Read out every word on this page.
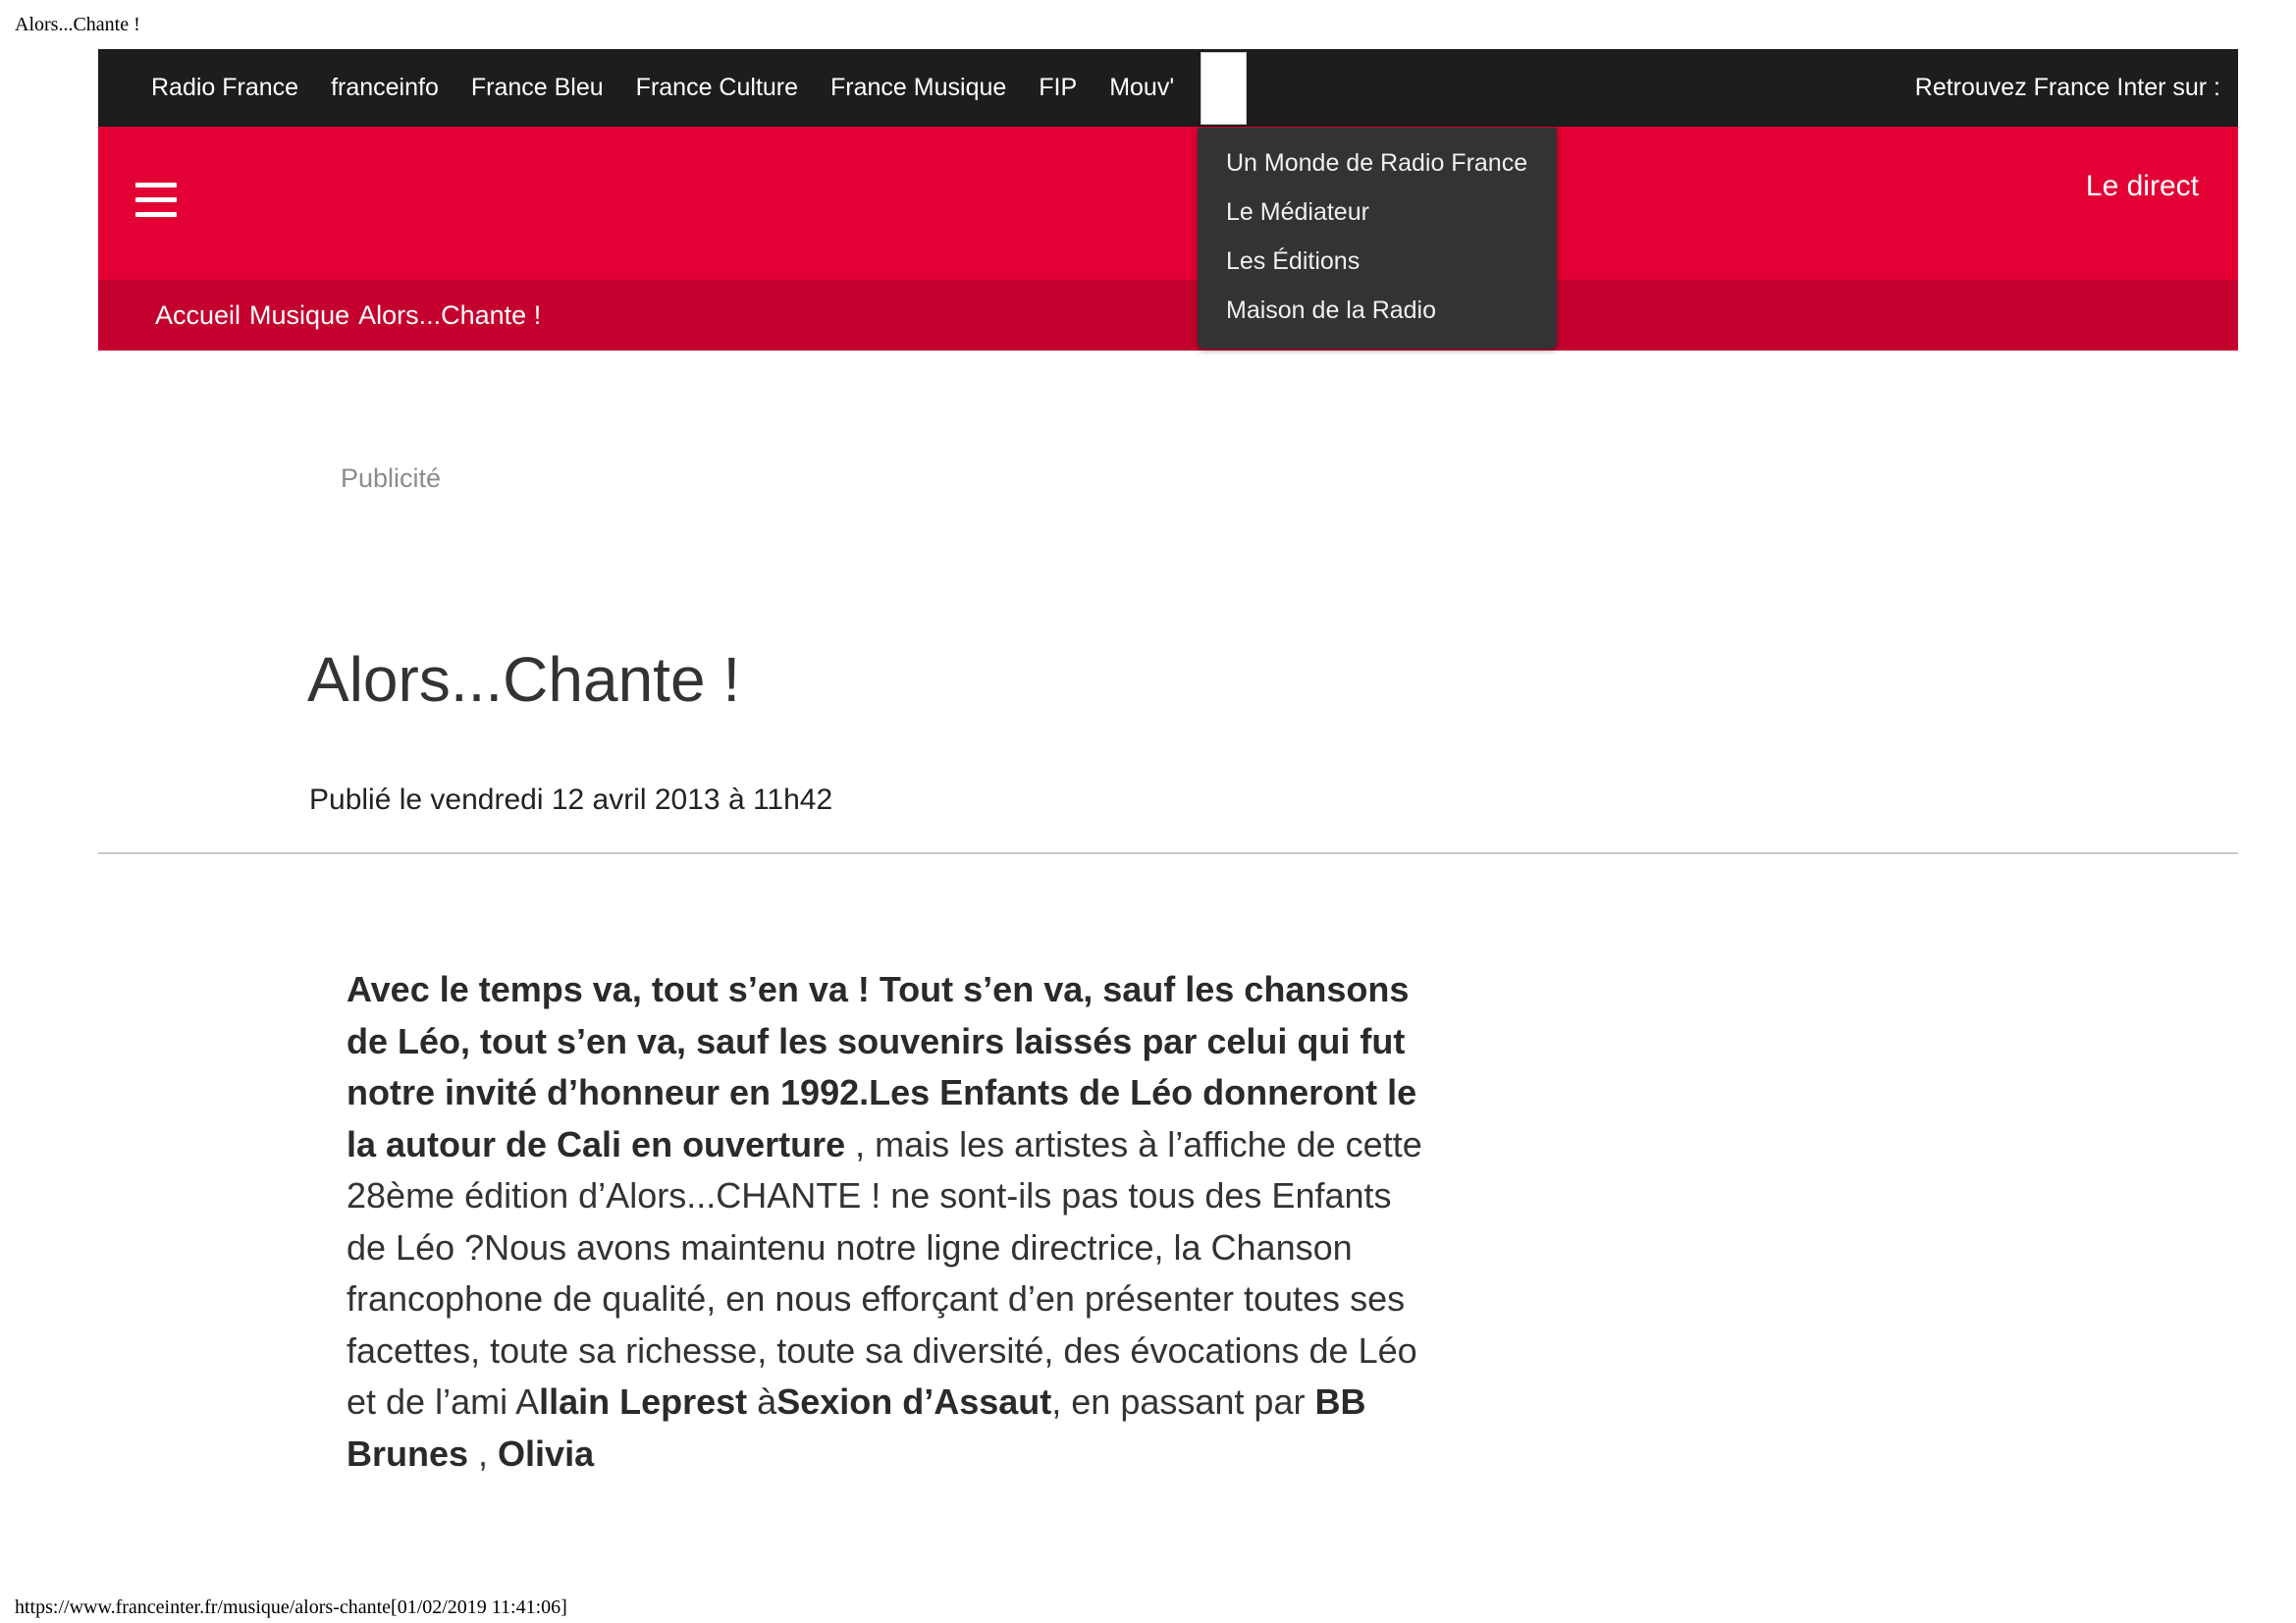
Alors...Chante !
Radio France franceinfo France Bleu France Culture France Musique FIP Mouv'	Retrouvez France Inter sur :
Le direct
Accueil Musique Alors...Chante !
Un Monde de Radio France
Le Médiateur
Les Éditions
Maison de la Radio
Publicité
Alors...Chante !
Publié le vendredi 12 avril 2013 à 11h42

Avec le temps va, tout s’en va ! Tout s’en va, sauf les chansons de Léo, tout s’en va, sauf les souvenirs laissés par celui qui fut notre invité d’honneur en 1992.Les Enfants de Léo donneront le la autour de Cali en ouverture , mais les artistes à l’affiche de cette 28ème édition d’Alors...CHANTE ! ne sont-ils pas tous des Enfants de Léo ?Nous avons maintenu notre ligne directrice, la Chanson francophone de qualité, en nous efforçant d’en présenter toutes ses facettes, toute sa richesse, toute sa diversité, des évocations de Léo et de l’ami Allain Leprest àSexion d’Assaut, en passant par BB Brunes , Olivia

https://www.franceinter.fr/musique/alors-chante[01/02/2019 11:41:06]
